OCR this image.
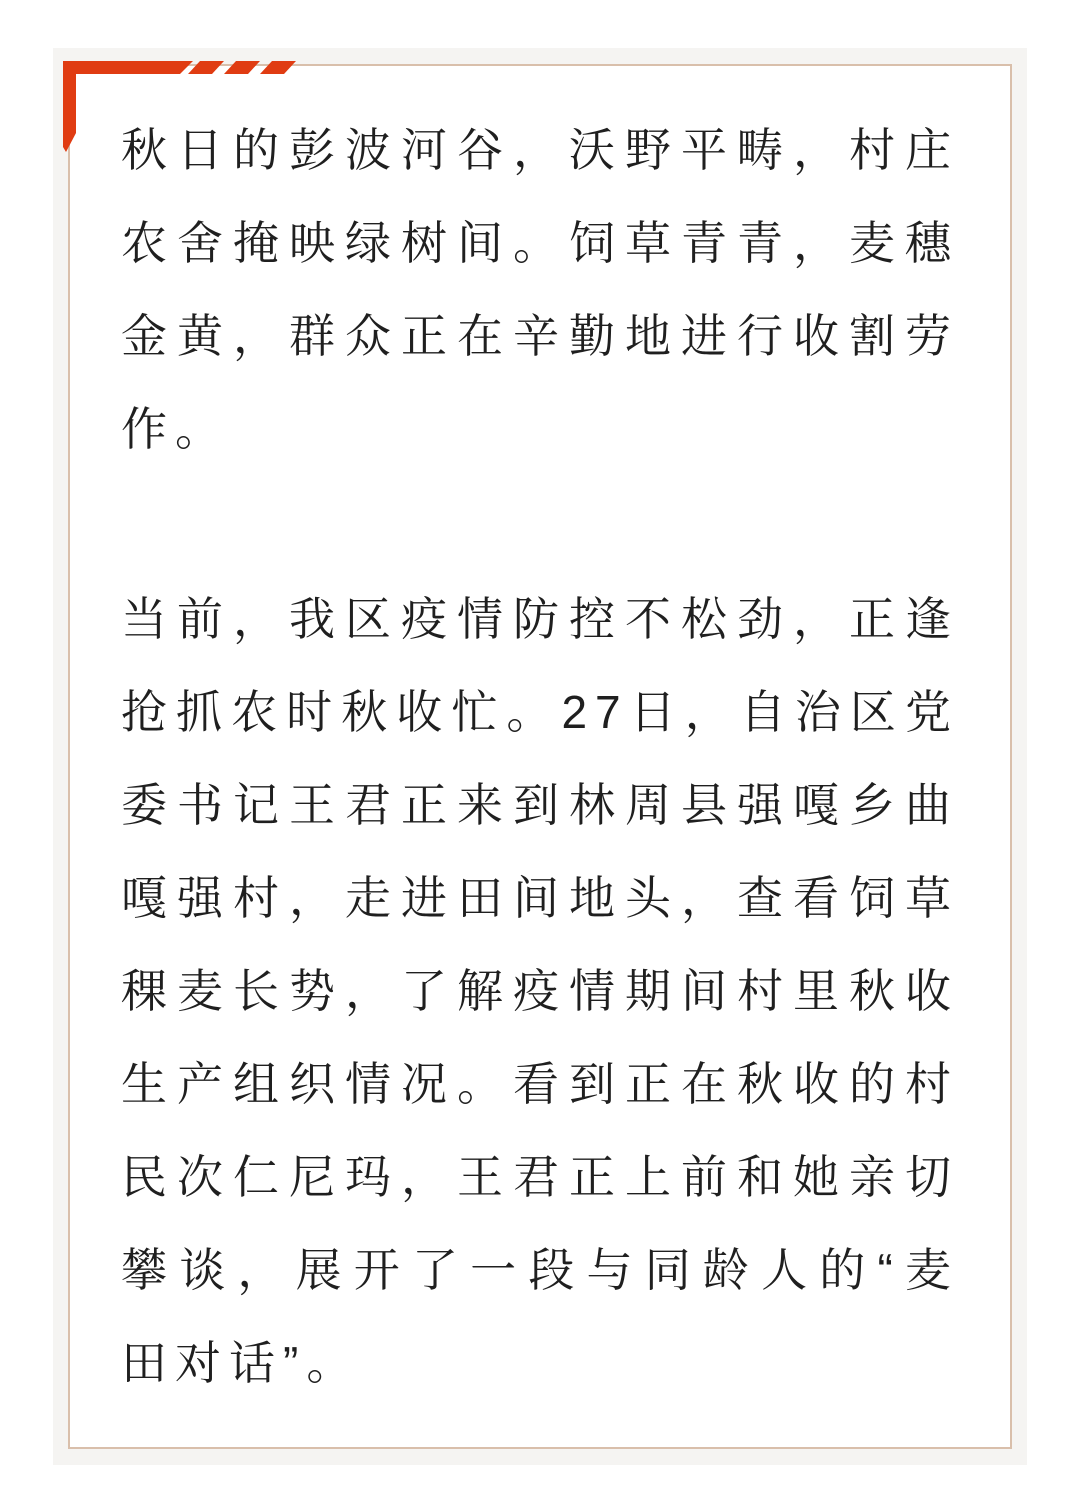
秋日的彭波河谷，沃野平畴，村庄
农舍掩映绿树间。饲草青青，麦穗
金黄，群众正在辛勤地进行收割劳
作。
当前，我区疫情防控不松劲，正逢
抢抓农时秋收忙。27日，自治区党
委书记王君正来到林周县强嘎乡曲
嘎强村，走进田间地头，查看饲草
稞麦长势，了解疫情期间村里秋收
生产组织情况。看到正在秋收的村
民次仁尼玛，王君正上前和她亲切
攀谈，展开了一段与同龄人的“麦
田对话”。
